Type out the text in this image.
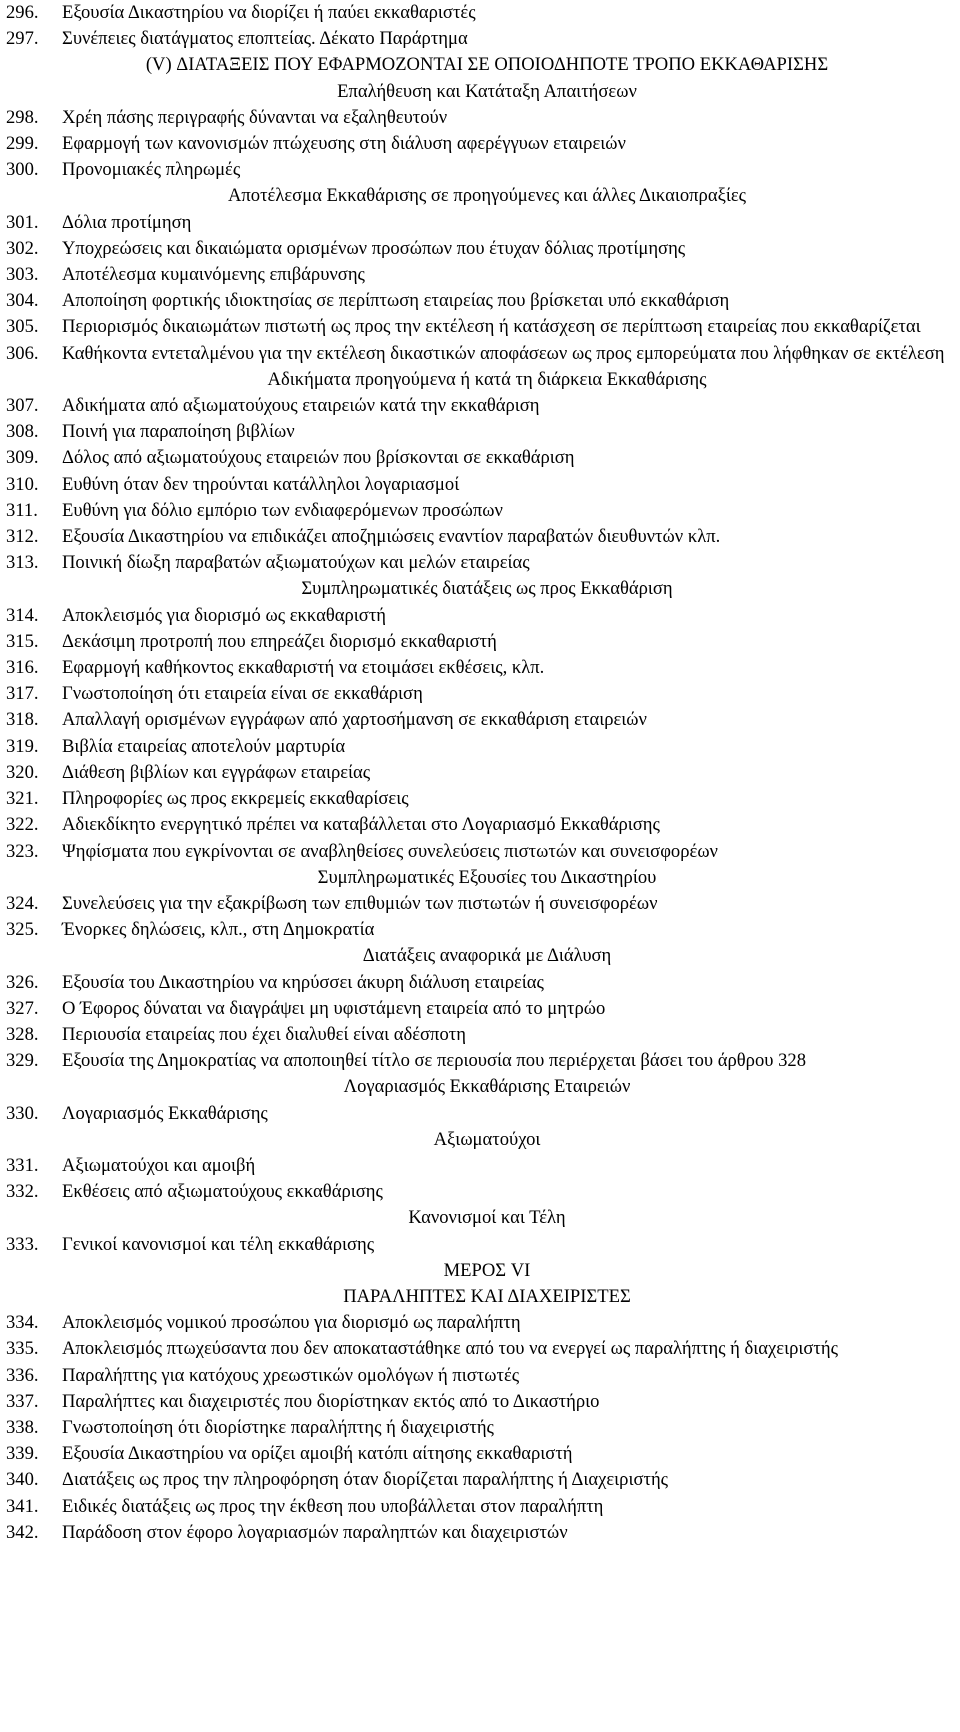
296.	Εξουσία Δικαστηρίου να διορίζει ή παύει εκκαθαριστές
297.	Συνέπειες διατάγματος εποπτείας. Δέκατο Παράρτημα
(V) ΔΙΑΤΑΞΕΙΣ ΠΟΥ ΕΦΑΡΜΟΖΟΝΤΑΙ ΣΕ ΟΠΟΙΟΔΗΠΟΤΕ ΤΡΟΠΟ ΕΚΚΑΘΑΡΙΣΗΣ
Επαλήθευση και Κατάταξη Απαιτήσεων
298.	Χρέη πάσης περιγραφής δύνανται να εξαληθευτούν
299.	Εφαρμογή των κανονισμών πτώχευσης στη διάλυση αφερέγγυων εταιρειών
300.	Προνομιακές πληρωμές
Αποτέλεσμα Εκκαθάρισης σε προηγούμενες και άλλες Δικαιοπραξίες
301.	Δόλια προτίμηση
302.	Υποχρεώσεις και δικαιώματα ορισμένων προσώπων που έτυχαν δόλιας προτίμησης
303.	Αποτέλεσμα κυμαινόμενης επιβάρυνσης
304.	Αποποίηση φορτικής ιδιοκτησίας σε περίπτωση εταιρείας που βρίσκεται υπό εκκαθάριση
305.	Περιορισμός δικαιωμάτων πιστωτή ως προς την εκτέλεση ή κατάσχεση σε περίπτωση εταιρείας που εκκαθαρίζεται
306.	Καθήκοντα εντεταλμένου για την εκτέλεση δικαστικών αποφάσεων ως προς εμπορεύματα που λήφθηκαν σε εκτέλεση
Αδικήματα προηγούμενα ή κατά τη διάρκεια Εκκαθάρισης
307.	Αδικήματα από αξιωματούχους εταιρειών κατά την εκκαθάριση
308.	Ποινή για παραποίηση βιβλίων
309.	Δόλος από αξιωματούχους εταιρειών που βρίσκονται σε εκκαθάριση
310.	Ευθύνη όταν δεν τηρούνται κατάλληλοι λογαριασμοί
311.	Ευθύνη για δόλιο εμπόριο των ενδιαφερόμενων προσώπων
312.	Εξουσία Δικαστηρίου να επιδικάζει αποζημιώσεις εναντίον παραβατών διευθυντών κλπ.
313.	Ποινική δίωξη παραβατών αξιωματούχων και μελών εταιρείας
Συμπληρωματικές διατάξεις ως προς Εκκαθάριση
314.	Αποκλεισμός για διορισμό ως εκκαθαριστή
315.	Δεκάσιμη προτροπή που επηρεάζει διορισμό εκκαθαριστή
316.	Εφαρμογή καθήκοντος εκκαθαριστή να ετοιμάσει εκθέσεις, κλπ.
317.	Γνωστοποίηση ότι εταιρεία είναι σε εκκαθάριση
318.	Απαλλαγή ορισμένων εγγράφων από χαρτοσήμανση σε εκκαθάριση εταιρειών
319.	Βιβλία εταιρείας αποτελούν μαρτυρία
320.	Διάθεση βιβλίων και εγγράφων εταιρείας
321.	Πληροφορίες ως προς εκκρεμείς εκκαθαρίσεις
322.	Αδιεκδίκητο ενεργητικό πρέπει να καταβάλλεται στο Λογαριασμό Εκκαθάρισης
323.	Ψηφίσματα που εγκρίνονται σε αναβληθείσες συνελεύσεις πιστωτών και συνεισφορέων
Συμπληρωματικές Εξουσίες του Δικαστηρίου
324.	Συνελεύσεις για την εξακρίβωση των επιθυμιών των πιστωτών ή συνεισφορέων
325.	Ένορκες δηλώσεις, κλπ., στη Δημοκρατία
Διατάξεις αναφορικά με Διάλυση
326.	Εξουσία του Δικαστηρίου να κηρύσσει άκυρη διάλυση εταιρείας
327.	Ο Έφορος δύναται να διαγράψει μη υφιστάμενη εταιρεία από το μητρώο
328.	Περιουσία εταιρείας που έχει διαλυθεί είναι αδέσποτη
329.	Εξουσία της Δημοκρατίας να αποποιηθεί τίτλο σε περιουσία που περιέρχεται βάσει του άρθρου 328
Λογαριασμός Εκκαθάρισης Εταιρειών
330.	Λογαριασμός Εκκαθάρισης
Αξιωματούχοι
331.	Αξιωματούχοι και αμοιβή
332.	Εκθέσεις από αξιωματούχους εκκαθάρισης
Κανονισμοί και Τέλη
333.	Γενικοί κανονισμοί και τέλη εκκαθάρισης
ΜΕΡΟΣ VI
ΠΑΡΑΛΗΠΤΕΣ ΚΑΙ ΔΙΑΧΕΙΡΙΣΤΕΣ
334.	Αποκλεισμός νομικού προσώπου για διορισμό ως παραλήπτη
335.	Αποκλεισμός πτωχεύσαντα που δεν αποκαταστάθηκε από του να ενεργεί ως παραλήπτης ή διαχειριστής
336.	Παραλήπτης για κατόχους χρεωστικών ομολόγων ή πιστωτές
337.	Παραλήπτες και διαχειριστές που διορίστηκαν εκτός από το Δικαστήριο
338.	Γνωστοποίηση ότι διορίστηκε παραλήπτης ή διαχειριστής
339.	Εξουσία Δικαστηρίου να ορίζει αμοιβή κατόπι αίτησης εκκαθαριστή
340.	Διατάξεις ως προς την πληροφόρηση όταν διορίζεται παραλήπτης ή Διαχειριστής
341.	Ειδικές διατάξεις ως προς την έκθεση που υποβάλλεται στον παραλήπτη
342.	Παράδοση στον έφορο λογαριασμών παραληπτών και διαχειριστών
